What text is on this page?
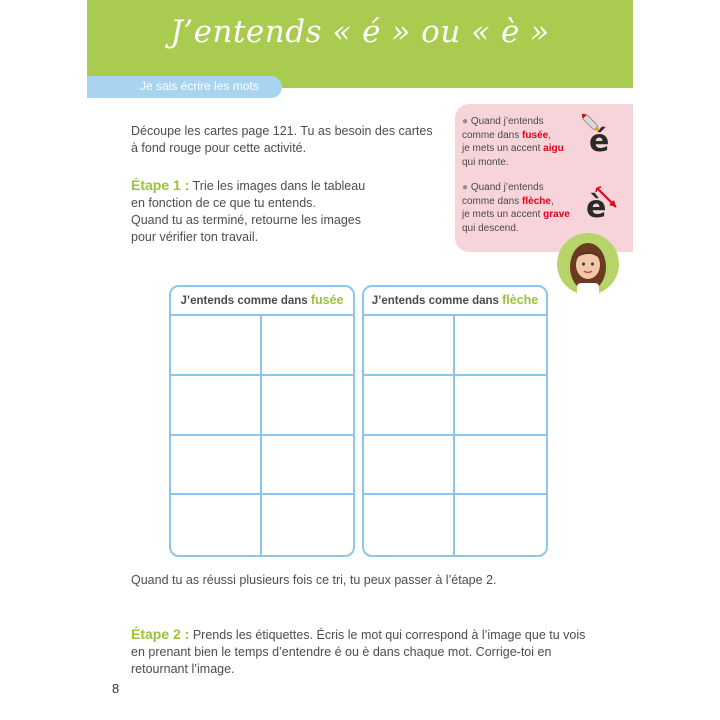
J’entends « é » ou « è »
Je sais écrire les mots
Découpe les cartes page 121. Tu as besoin des cartes
à fond rouge pour cette activité.
Étape 1 : Trie les images dans le tableau
en fonction de ce que tu entends.
Quand tu as terminé, retourne les images
pour vérifier ton travail.
● Quand j’entends
comme dans fusée,
je mets un accent aigu
qui monte.
é
● Quand j’entends
comme dans flèche,
je mets un accent grave
qui descend.
è
J’entends comme dans fusée	J’entends comme dans flèche
Quand tu as réussi plusieurs fois ce tri, tu peux passer à l’étape 2.
Étape 2 : Prends les étiquettes. Écris le mot qui correspond à l’image que tu vois
en prenant bien le temps d’entendre é ou è dans chaque mot. Corrige-toi en
retournant l’image.
8
